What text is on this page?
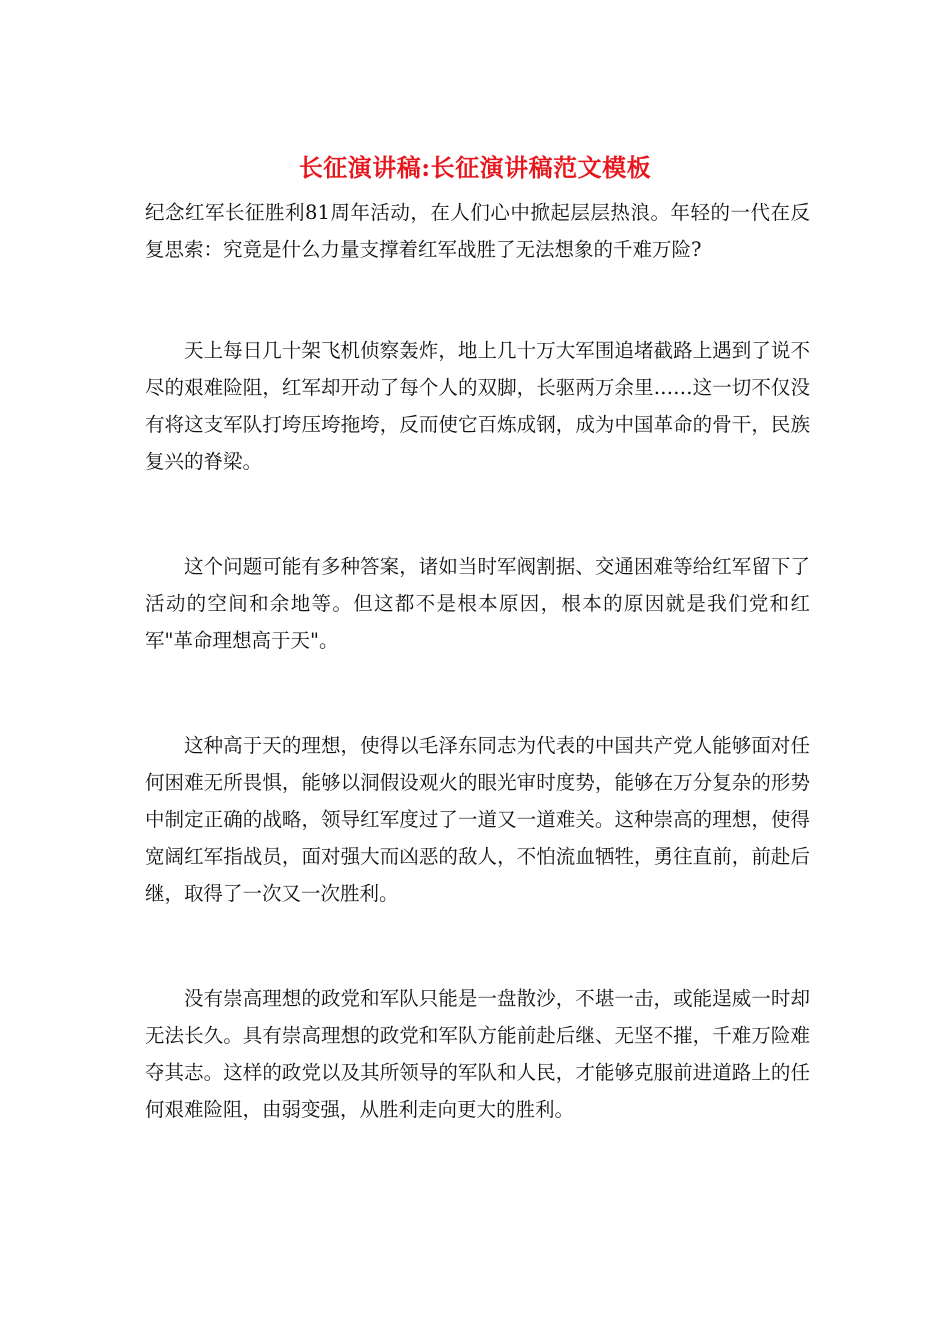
长征演讲稿:长征演讲稿范文模板

纪念红军长征胜利81周年活动，在人们心中掀起层层热浪。年轻的一代在反复思索：究竟是什么力量支撑着红军战胜了无法想象的千难万险?

天上每日几十架飞机侦察轰炸，地上几十万大军围追堵截路上遇到了说不尽的艰难险阻，红军却开动了每个人的双脚，长驱两万余里……这一切不仅没有将这支军队打垮压垮拖垮，反而使它百炼成钢，成为中国革命的骨干，民族复兴的脊梁。

这个问题可能有多种答案，诸如当时军阀割据、交通困难等给红军留下了活动的空间和余地等。但这都不是根本原因，根本的原因就是我们党和红军"革命理想高于天"。

这种高于天的理想，使得以毛泽东同志为代表的中国共产党人能够面对任何困难无所畏惧，能够以洞假设观火的眼光审时度势，能够在万分复杂的形势中制定正确的战略，领导红军度过了一道又一道难关。这种崇高的理想，使得宽阔红军指战员，面对强大而凶恶的敌人，不怕流血牺牲，勇往直前，前赴后继，取得了一次又一次胜利。

没有崇高理想的政党和军队只能是一盘散沙，不堪一击，或能逞威一时却无法长久。具有崇高理想的政党和军队方能前赴后继、无坚不摧，千难万险难夺其志。这样的政党以及其所领导的军队和人民，才能够克服前进道路上的任何艰难险阻，由弱变强，从胜利走向更大的胜利。
